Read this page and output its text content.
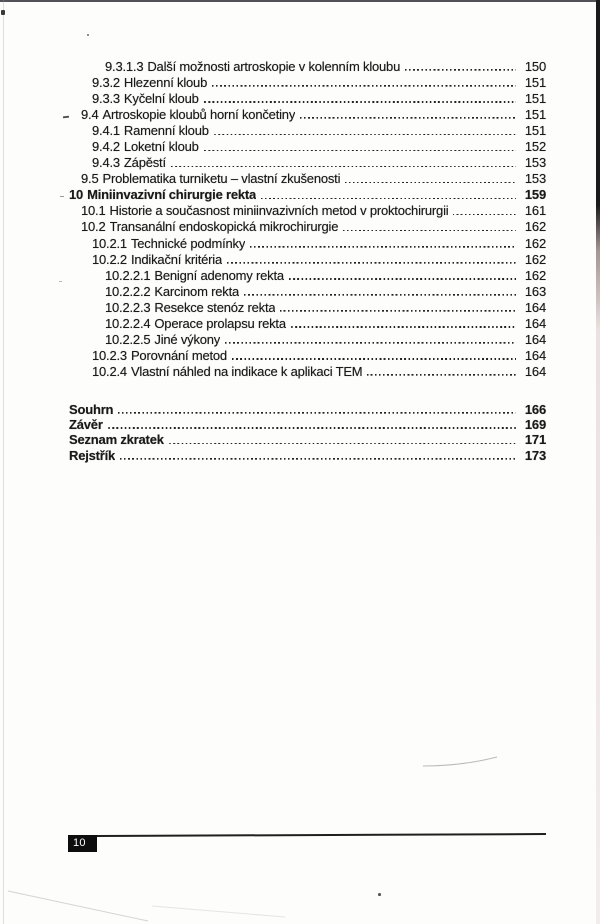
9.3.1.3 Další možnosti artroskopie v kolenním kloubu	150
9.3.2 Hlezenní kloub	151
9.3.3 Kyčelní kloub	151
9.4 Artroskopie kloubů horní končetiny	151
9.4.1 Ramenní kloub	151
9.4.2 Loketní kloub	152
9.4.3 Zápěstí	153
9.5 Problematika turniketu – vlastní zkušenosti	153
10 Miniinvazivní chirurgie rekta	159
10.1 Historie a současnost miniinvazivních metod v proktochirurgii	161
10.2 Transanální endoskopická mikrochirurgie	162
10.2.1 Technické podmínky	162
10.2.2 Indikační kritéria	162
10.2.2.1 Benigní adenomy rekta	162
10.2.2.2 Karcinom rekta	163
10.2.2.3 Resekce stenóz rekta	164
10.2.2.4 Operace prolapsu rekta	164
10.2.2.5 Jiné výkony	164
10.2.3 Porovnání metod	164
10.2.4 Vlastní náhled na indikace k aplikaci TEM	164
Souhrn	166
Závěr	169
Seznam zkratek	171
Rejstřík	173
10
